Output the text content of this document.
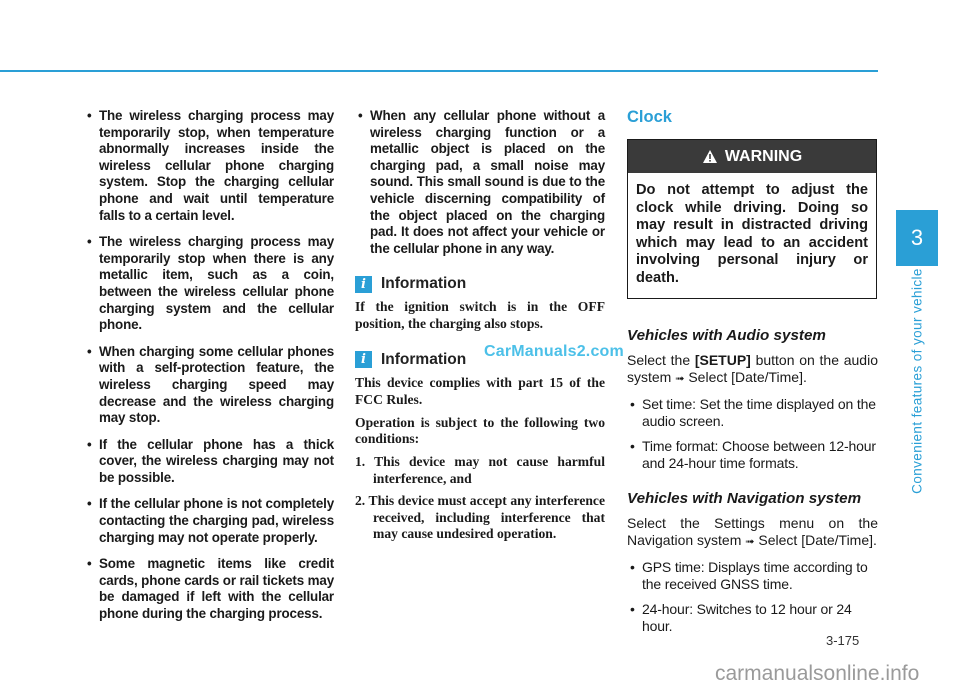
• The wireless charging process may temporarily stop, when temperature abnormally increases inside the wireless cellular phone charging system. Stop the charging cellular phone and wait until temperature falls to a certain level.
• The wireless charging process may temporarily stop when there is any metallic item, such as a coin, between the wireless cellular phone charging system and the cellular phone.
• When charging some cellular phones with a self-protection feature, the wireless charging speed may decrease and the wireless charging may stop.
• If the cellular phone has a thick cover, the wireless charging may not be possible.
• If the cellular phone is not completely contacting the charging pad, wireless charging may not operate properly.
• Some magnetic items like credit cards, phone cards or rail tickets may be damaged if left with the cellular phone during the charging process.
• When any cellular phone without a wireless charging function or a metallic object is placed on the charging pad, a small noise may sound. This small sound is due to the vehicle discerning compatibility of the object placed on the charging pad. It does not affect your vehicle or the cellular phone in any way.
i Information

If the ignition switch is in the OFF position, the charging also stops.

i Information

This device complies with part 15 of the FCC Rules.

Operation is subject to the following two conditions:

1. This device may not cause harmful interference, and
2. This device must accept any interference received, including interference that may cause undesired operation.
CarManuals2.com
Clock
WARNING
Do not attempt to adjust the clock while driving. Doing so may result in distracted driving which may lead to an accident involving personal injury or death.
Vehicles with Audio system

Select the [SETUP] button on the audio system ➟ Select [Date/Time].

• Set time: Set the time displayed on the audio screen.
• Time format: Choose between 12-hour and 24-hour time formats.
Vehicles with Navigation system

Select the Settings menu on the Navigation system ➟ Select [Date/Time].

• GPS time: Displays time according to the received GNSS time.
• 24-hour: Switches to 12 hour or 24 hour.
3
Convenient features of your vehicle
3-175
carmanualsonline.info
